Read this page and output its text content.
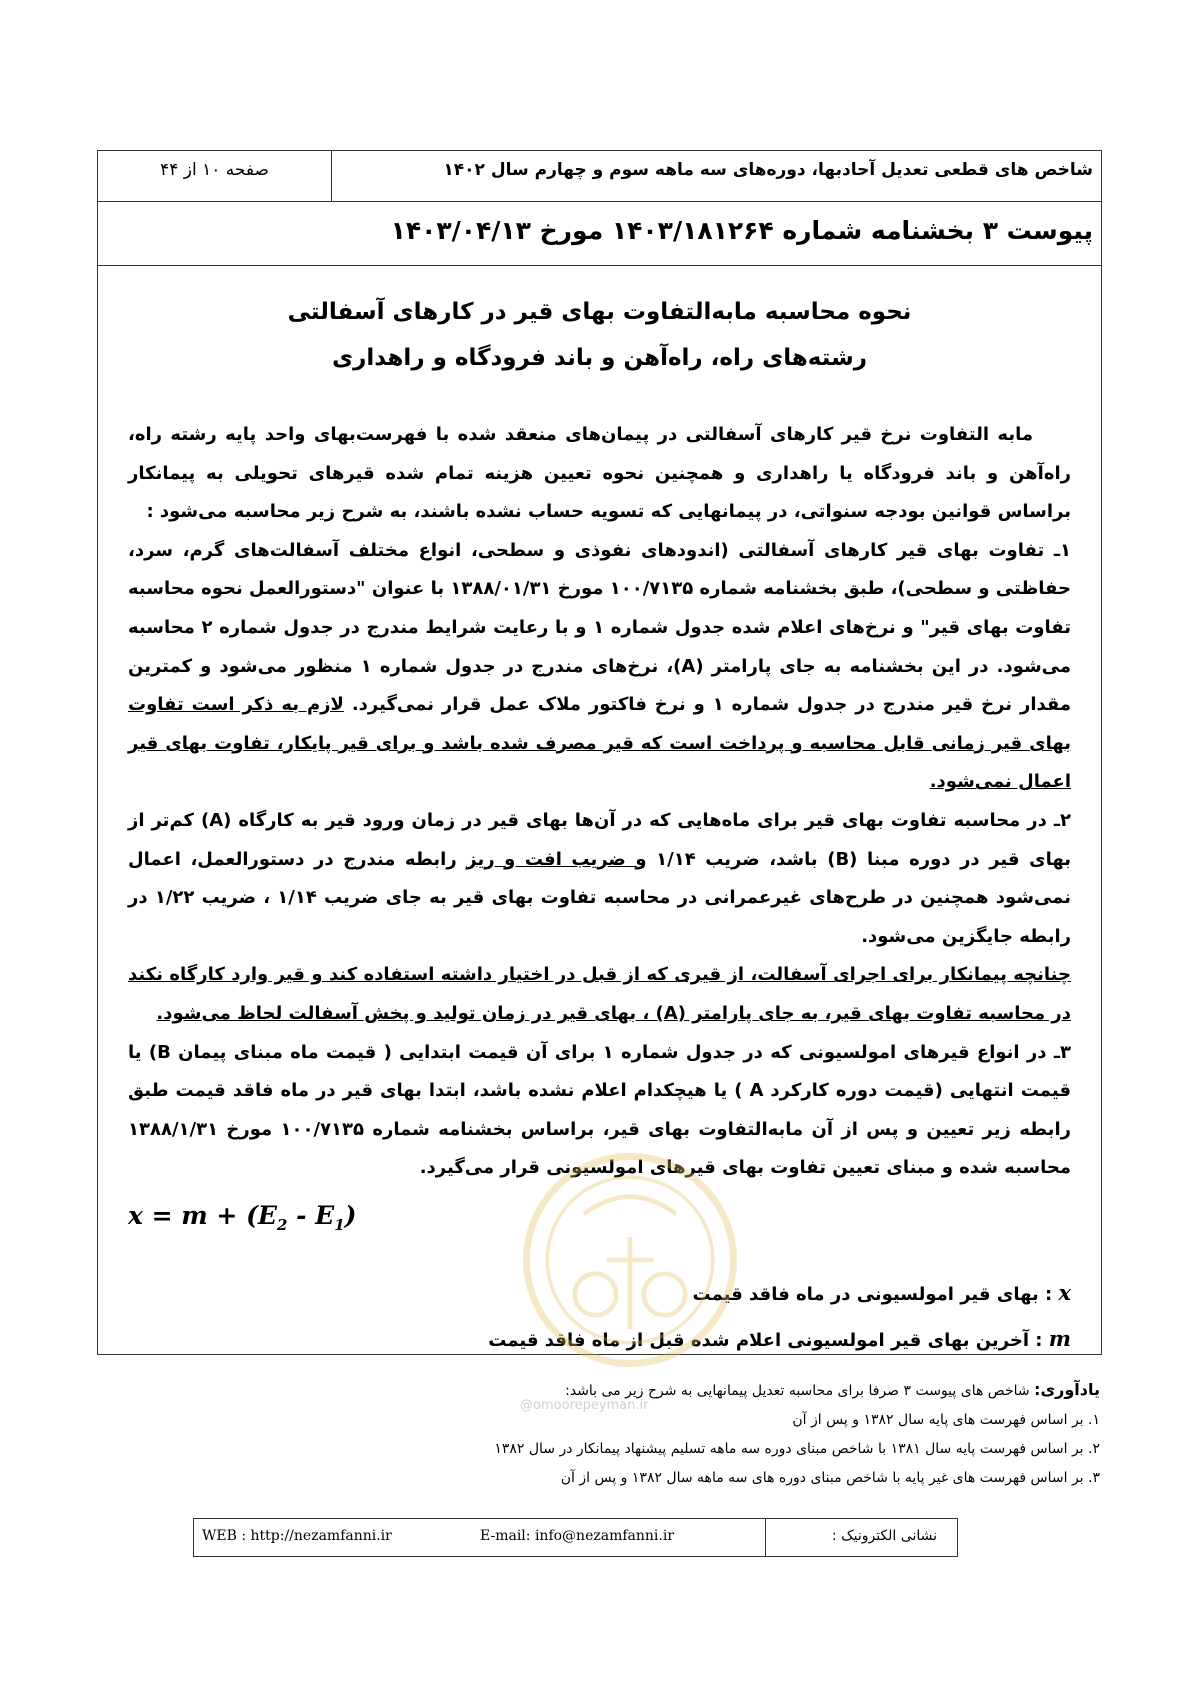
شاخص های قطعی تعدیل آحادبها، دوره‌های سه ماهه سوم و چهارم سال ۱۴۰۲
صفحه ۱۰ از ۴۴
پیوست ۳ بخشنامه شماره ۱۴۰۳/۱۸۱۲۶۴ مورخ ۱۴۰۳/۰۴/۱۳
نحوه محاسبه مابه‌التفاوت بهای قیر در کارهای آسفالتی
رشته‌های راه، راه‌آهن و باند فرودگاه و راهداری

مابه التفاوت نرخ قیر کارهای آسفالتی در پیمان‌های منعقد شده با فهرست‌بهای واحد پایه رشته راه، راه‌آهن و باند فرودگاه یا راهداری و همچنین نحوه تعیین هزینه تمام شده قیرهای تحویلی به پیمانکار براساس قوانین بودجه سنواتی، در پیمانهایی که تسویه حساب نشده باشند، به شرح زیر محاسبه می‌شود :

۱ـ تفاوت بهای قیر کارهای آسفالتی (اندودهای نفوذی و سطحی، انواع مختلف آسفالت‌های گرم، سرد، حفاظتی و سطحی)، طبق بخشنامه شماره ۱۰۰/۷۱۳۵ مورخ ۱۳۸۸/۰۱/۳۱ با عنوان "دستورالعمل نحوه محاسبه تفاوت بهای قیر" و نرخ‌های اعلام شده جدول شماره ۱ و با رعایت شرایط مندرج در جدول شماره ۲ محاسبه می‌شود. در این بخشنامه به جای پارامتر (A)، نرخ‌های مندرج در جدول شماره ۱ منظور می‌شود و کمترین مقدار نرخ قیر مندرج در جدول شماره ۱ و نرخ فاکتور ملاک عمل قرار نمی‌گیرد. لازم به ذکر است تفاوت بهای قیر زمانی قابل محاسبه و پرداخت است که قیر مصرف شده باشد و برای قیر پایکار، تفاوت بهای قیر اعمال نمی‌شود.

۲ـ در محاسبه تفاوت بهای قیر برای ماه‌هایی که در آن‌ها بهای قیر در زمان ورود قیر به کارگاه (A) کم‌تر از بهای قیر در دوره مبنا (B) باشد، ضریب ۱/۱۴ و ضریب افت و ریز رابطه مندرج در دستورالعمل، اعمال نمی‌شود همچنین در طرح‌های غیرعمرانی در محاسبه تفاوت بهای قیر به جای ضریب ۱/۱۴ ، ضریب ۱/۲۲ در رابطه جایگزین می‌شود.

چنانچه پیمانکار برای اجرای آسفالت، از قیری که از قبل در اختیار داشته استفاده کند و قیر وارد کارگاه نکند در محاسبه تفاوت بهای قیر، به جای پارامتر (A) ، بهای قیر در زمان تولید و پخش آسفالت لحاظ می‌شود.

۳ـ در انواع قیرهای امولسیونی که در جدول شماره ۱ برای آن قیمت ابتدایی ( قیمت ماه مبنای پیمان B) یا قیمت انتهایی (قیمت دوره کارکرد A ) یا هیچکدام اعلام نشده باشد، ابتدا بهای قیر در ماه فاقد قیمت طبق رابطه زیر تعیین و پس از آن مابه‌التفاوت بهای قیر، براساس بخشنامه شماره ۱۰۰/۷۱۳۵ مورخ ۱۳۸۸/۱/۳۱ محاسبه شده و مبنای تعیین تفاوت بهای قیرهای امولسیونی قرار می‌گیرد.

$x = m + (E_2 - E_1)$
x : بهای قیر امولسیونی در ماه فاقد قیمت
m : آخرین بهای قیر امولسیونی اعلام شده قبل از ماه فاقد قیمت
یادآوری: شاخص های پیوست ۳ صرفا برای محاسبه تعدیل پیمانهایی به شرح زیر می باشد:
۱. بر اساس فهرست های پایه سال ۱۳۸۲ و پس از آن
۲. بر اساس فهرست پایه سال ۱۳۸۱ با شاخص مبنای دوره سه ماهه تسلیم پیشنهاد پیمانکار در سال ۱۳۸۲
۳. بر اساس فهرست های غیر پایه با شاخص مبنای دوره های سه ماهه سال ۱۳۸۲ و پس از آن
@omoorepeyman.ir
نشانی الکترونیک :
E-mail: info@nezamfanni.ir
WEB : http://nezamfanni.ir
